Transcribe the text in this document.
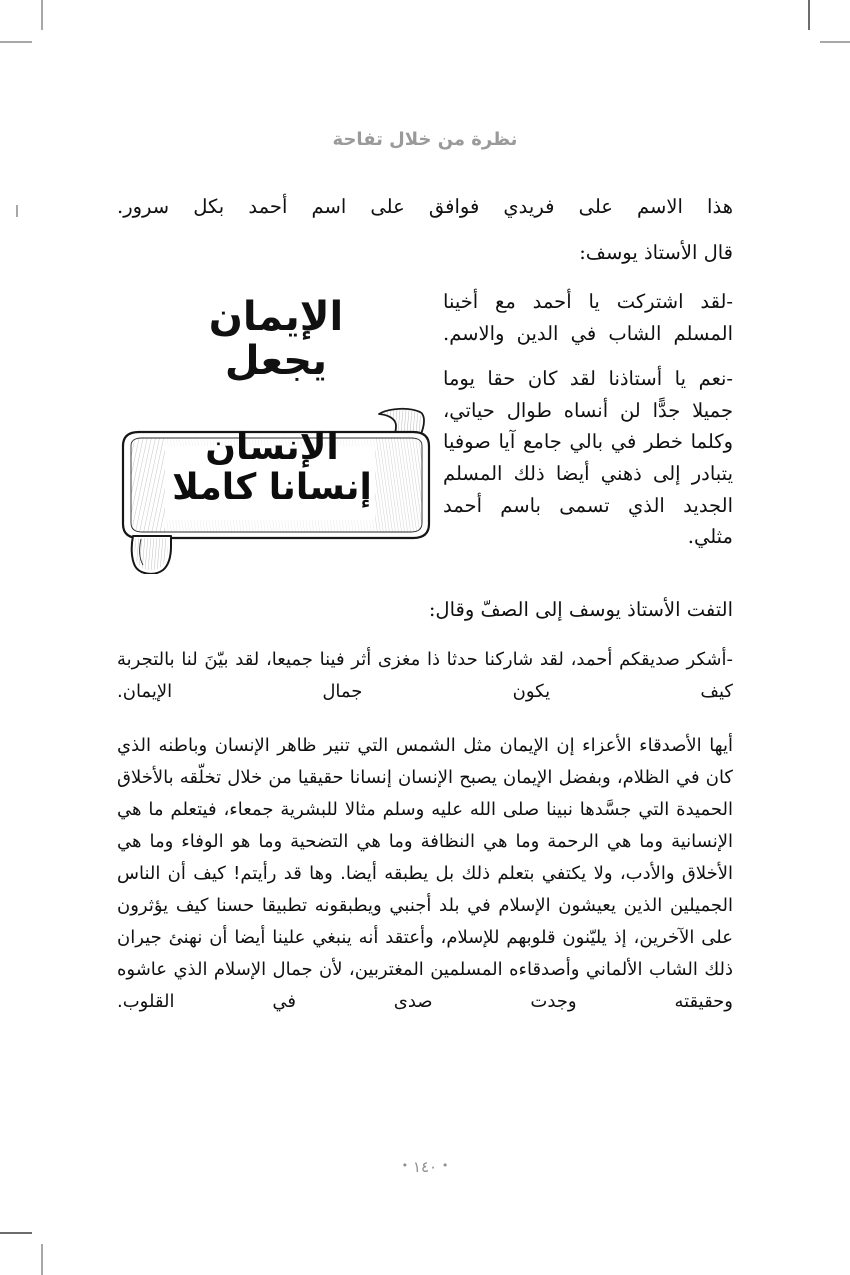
نظرة من خلال تفاحة

هذا الاسم على فريدي فوافق على اسم أحمد بكل سرور.

قال الأستاذ يوسف:

الإيمان
يجعل
الإنسان
إنسانا كاملا

-لقد اشتركت يا أحمد مع أخينا المسلم الشاب في الدين والاسم.

-نعم يا أستاذنا لقد كان حقا يوما جميلا جدًّا لن أنساه طوال حياتي، وكلما خطر في بالي جامع آيا صوفيا يتبادر إلى ذهني أيضا ذلك المسلم الجديد الذي تسمى باسم أحمد مثلي.

التفت الأستاذ يوسف إلى الصفّ وقال:

-أشكر صديقكم أحمد، لقد شاركنا حدثا ذا مغزى أثر فينا جميعا، لقد بيّنَ لنا بالتجربة كيف يكون جمال الإيمان.

أيها الأصدقاء الأعزاء إن الإيمان مثل الشمس التي تنير ظاهر الإنسان وباطنه الذي كان في الظلام، وبفضل الإيمان يصبح الإنسان إنسانا حقيقيا من خلال تخلّقه بالأخلاق الحميدة التي جسَّدها نبينا صلى الله عليه وسلم مثالا للبشرية جمعاء، فيتعلم ما هي الإنسانية وما هي الرحمة وما هي النظافة وما هي التضحية وما هو الوفاء وما هي الأخلاق والأدب، ولا يكتفي بتعلم ذلك بل يطبقه أيضا. وها قد رأيتم! كيف أن الناس الجميلين الذين يعيشون الإسلام في بلد أجنبي ويطبقونه تطبيقا حسنا كيف يؤثرون على الآخرين، إذ يليّنون قلوبهم للإسلام، وأعتقد أنه ينبغي علينا أيضا أن نهنئ جيران ذلك الشاب الألماني وأصدقاءه المسلمين المغتربين، لأن جمال الإسلام الذي عاشوه وحقيقته وجدت صدى في القلوب.

• ١٤٠ •
